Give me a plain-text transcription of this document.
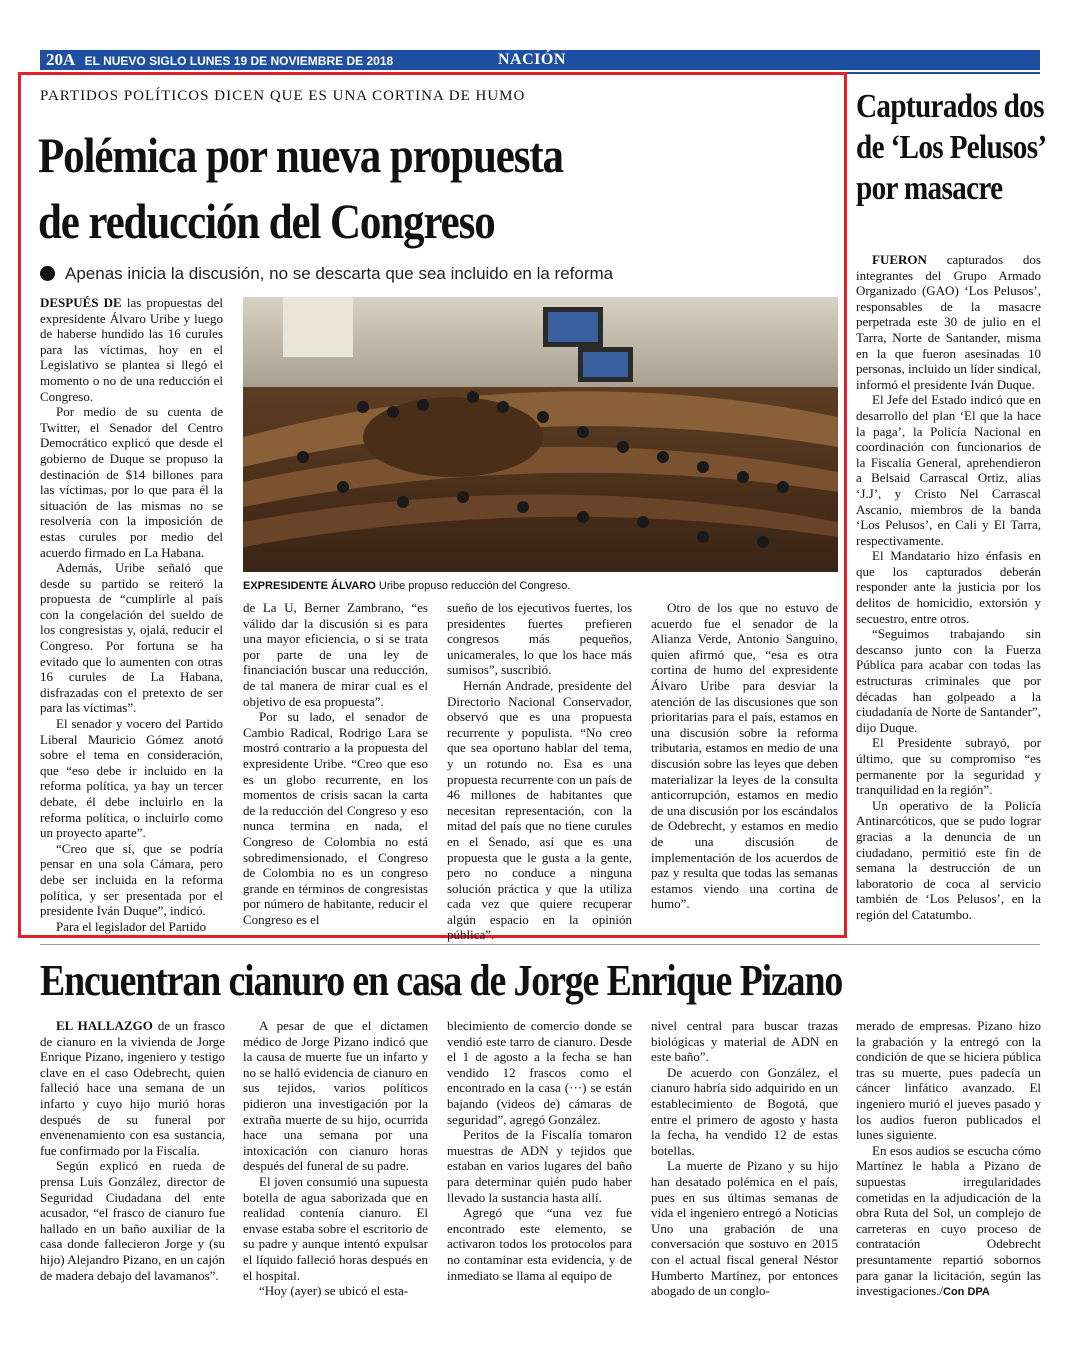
20A EL NUEVO SIGLO LUNES 19 DE NOVIEMBRE DE 2018	NACIÓN
PARTIDOS POLÍTICOS DICEN QUE ES UNA CORTINA DE HUMO
Polémica por nueva propuesta
de reducción del Congreso
Apenas inicia la discusión, no se descarta que sea incluido en la reforma

DESPUÉS DE las propuestas del expresidente Álvaro Uribe y luego de haberse hundido las 16 curules para las víctimas, hoy en el Legislativo se plantea si llegó el momento o no de una reducción el Congreso.

Por medio de su cuenta de Twitter, el Senador del Centro Democrático explicó que desde el gobierno de Duque se propuso la destinación de $14 billones para las víctimas, por lo que para él la situación de las mismas no se resolvería con la imposición de estas curules por medio del acuerdo firmado en La Habana.

Además, Uribe señaló que desde su partido se reiteró la propuesta de “cumplirle al país con la congelación del sueldo de los congresistas y, ojalá, reducir el Congreso. Por fortuna se ha evitado que lo aumenten con otras 16 curules de La Habana, disfrazadas con el pretexto de ser para las víctimas”.

El senador y vocero del Partido Liberal Mauricio Gómez anotó sobre el tema en consideración, que “eso debe ir incluido en la reforma política, ya hay un tercer debate, él debe incluirlo en la reforma política, o incluirlo como un proyecto aparte”.

“Creo que sí, que se podría pensar en una sola Cámara, pero debe ser incluida en la reforma política, y ser presentada por el presidente Iván Duque”, indicó.

Para el legislador del Partido

EXPRESIDENTE ÁLVARO Uribe propuso reducción del Congreso.

de La U, Berner Zambrano, “es válido dar la discusión si es para una mayor eficiencia, o si se trata por parte de una ley de financiación buscar una reducción, de tal manera de mirar cual es el objetivo de esa propuesta”.

Por su lado, el senador de Cambio Radical, Rodrigo Lara se mostró contrario a la propuesta del expresidente Uribe. “Creo que eso es un globo recurrente, en los momentos de crisis sacan la carta de la reducción del Congreso y eso nunca termina en nada, el Congreso de Colombia no está sobredimensionado, el Congreso de Colombia no es un congreso grande en términos de congresistas por número de habitante, reducir el Congreso es el

sueño de los ejecutivos fuertes, los presidentes fuertes prefieren congresos más pequeños, unicamerales, lo que los hace más sumisos”, suscribió.

Hernán Andrade, presidente del Directorio Nacional Conservador, observó que es una propuesta recurrente y populista. “No creo que sea oportuno hablar del tema, y un rotundo no. Esa es una propuesta recurrente con un país de 46 millones de habitantes que necesitan representación, con la mitad del país que no tiene curules en el Senado, así que es una propuesta que le gusta a la gente, pero no conduce a ninguna solución práctica y que la utiliza cada vez que quiere recuperar algún espacio en la opinión pública”.

Otro de los que no estuvo de acuerdo fue el senador de la Alianza Verde, Antonio Sanguino, quien afirmó que, “esa es otra cortina de humo del expresidente Álvaro Uribe para desviar la atención de las discusiones que son prioritarias para el país, estamos en una discusión sobre la reforma tributaria, estamos en medio de una discusión sobre las leyes que deben materializar la leyes de la consulta anticorrupción, estamos en medio de una discusión por los escándalos de Odebrecht, y estamos en medio de una discusión de implementación de los acuerdos de paz y resulta que todas las semanas estamos viendo una cortina de humo”.

Capturados dos de ‘Los Pelusos’ por masacre

FUERON capturados dos integrantes del Grupo Armado Organizado (GAO) ‘Los Pelusos’, responsables de la masacre perpetrada este 30 de julio en el Tarra, Norte de Santander, misma en la que fueron asesinadas 10 personas, incluido un líder sindical, informó el presidente Iván Duque.

El Jefe del Estado indicó que en desarrollo del plan ‘El que la hace la paga’, la Policía Nacional en coordinación con funcionarios de la Fiscalía General, aprehendieron a Belsaid Carrascal Ortiz, alias ‘J.J’, y Cristo Nel Carrascal Ascanio, miembros de la banda ‘Los Pelusos’, en Cali y El Tarra, respectivamente.

El Mandatario hizo énfasis en que los capturados deberán responder ante la justicia por los delitos de homicidio, extorsión y secuestro, entre otros.

“Seguimos trabajando sin descanso junto con la Fuerza Pública para acabar con todas las estructuras criminales que por décadas han golpeado a la ciudadanía de Norte de Santander”, dijo Duque.

El Presidente subrayó, por último, que su compromiso “es permanente por la seguridad y tranquilidad en la región”.

Un operativo de la Policía Antinarcóticos, que se pudo lograr gracias a la denuncia de un ciudadano, permitió este fin de semana la destrucción de un laboratorio de coca al servicio también de ‘Los Pelusos’, en la región del Catatumbo.

Encuentran cianuro en casa de Jorge Enrique Pizano

EL HALLAZGO de un frasco de cianuro en la vivienda de Jorge Enrique Pizano, ingeniero y testigo clave en el caso Odebrecht, quien falleció hace una semana de un infarto y cuyo hijo murió horas después de su funeral por envenenamiento con esa sustancia, fue confirmado por la Fiscalía.

Según explicó en rueda de prensa Luis González, director de Seguridad Ciudadana del ente acusador, “el frasco de cianuro fue hallado en un baño auxiliar de la casa donde fallecieron Jorge y (su hijo) Alejandro Pizano, en un cajón de madera debajo del lavamanos”.

A pesar de que el dictamen médico de Jorge Pizano indicó que la causa de muerte fue un infarto y no se halló evidencia de cianuro en sus tejidos, varios políticos pidieron una investigación por la extraña muerte de su hijo, ocurrida hace una semana por una intoxicación con cianuro horas después del funeral de su padre.

El joven consumió una supuesta botella de agua saborizada que en realidad contenía cianuro. El envase estaba sobre el escritorio de su padre y aunque intentó expulsar el líquido falleció horas después en el hospital.

“Hoy (ayer) se ubicó el esta-

blecimiento de comercio donde se vendió este tarro de cianuro. Desde el 1 de agosto a la fecha se han vendido 12 frascos como el encontrado en la casa (···) se están bajando (videos de) cámaras de seguridad”, agregó González.

Peritos de la Fiscalía tomaron muestras de ADN y tejidos que estaban en varios lugares del baño para determinar quién pudo haber llevado la sustancia hasta allí.

Agregó que “una vez fue encontrado este elemento, se activaron todos los protocolos para no contaminar esta evidencia, y de inmediato se llama al equipo de

nivel central para buscar trazas biológicas y material de ADN en este baño”.

De acuerdo con González, el cianuro habría sido adquirido en un establecimiento de Bogotá, que entre el primero de agosto y hasta la fecha, ha vendido 12 de estas botellas.

La muerte de Pizano y su hijo han desatado polémica en el país, pues en sus últimas semanas de vida el ingeniero entregó a Noticias Uno una grabación de una conversación que sostuvo en 2015 con el actual fiscal general Néstor Humberto Martínez, por entonces abogado de un conglo-

merado de empresas. Pizano hizo la grabación y la entregó con la condición de que se hiciera pública tras su muerte, pues padecía un cáncer linfático avanzado. El ingeniero murió el jueves pasado y los audios fueron publicados el lunes siguiente.

En esos audios se escucha cómo Martínez le habla a Pizano de supuestas irregularidades cometidas en la adjudicación de la obra Ruta del Sol, un complejo de carreteras en cuyo proceso de contratación Odebrecht presuntamente repartió sobornos para ganar la licitación, según las investigaciones./Con DPA
